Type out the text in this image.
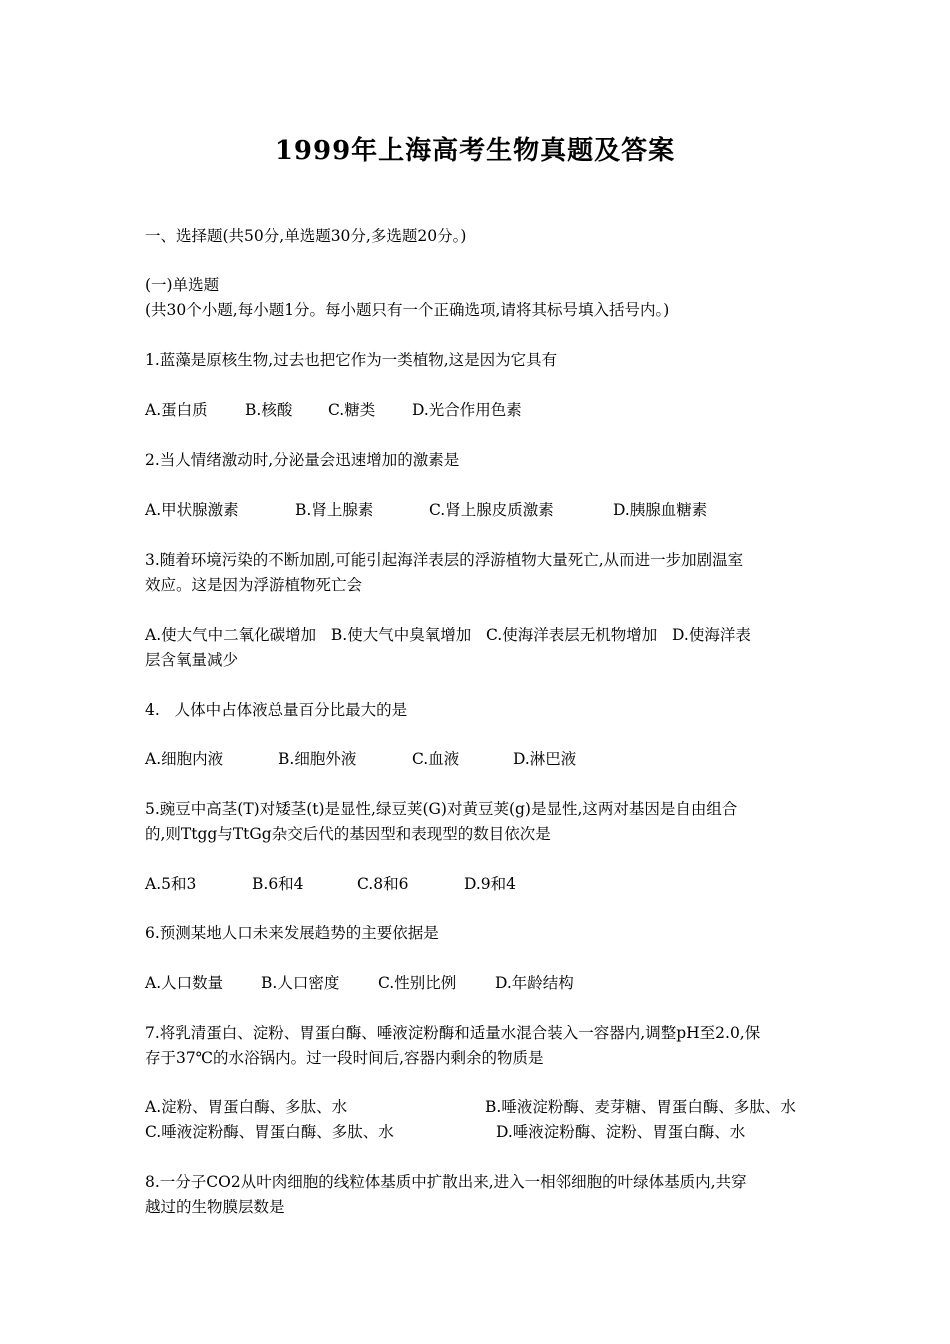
1999年上海高考生物真题及答案
一、选择题(共50分,单选题30分,多选题20分。)
(一)单选题
(共30个小题,每小题1分。每小题只有一个正确选项,请将其标号填入括号内。)
1.蓝藻是原核生物,过去也把它作为一类植物,这是因为它具有
A.蛋白质 B.核酸 C.糖类 D.光合作用色素
2.当人情绪激动时,分泌量会迅速增加的激素是
A.甲状腺激素	B.肾上腺素	C.肾上腺皮质激素	D.胰腺血糖素
3.随着环境污染的不断加剧,可能引起海洋表层的浮游植物大量死亡,从而进一步加剧温室
效应。这是因为浮游植物死亡会
A.使大气中二氧化碳增加   B.使大气中臭氧增加   C.使海洋表层无机物增加   D.使海洋表
层含氧量减少
4.   人体中占体液总量百分比最大的是
A.细胞内液	B.细胞外液	C.血液	D.淋巴液
5.豌豆中高茎(T)对矮茎(t)是显性,绿豆荚(G)对黄豆荚(g)是显性,这两对基因是自由组合
的,则Ttgg与TtGg杂交后代的基因型和表现型的数目依次是
A.5和3	B.6和4	C.8和6	D.9和4
6.预测某地人口未来发展趋势的主要依据是
A.人口数量 B.人口密度 C.性别比例	D.年龄结构
7.将乳清蛋白、淀粉、胃蛋白酶、唾液淀粉酶和适量水混合装入一容器内,调整pH至2.0,保
存于37℃的水浴锅内。过一段时间后,容器内剩余的物质是
A.淀粉、胃蛋白酶、多肽、水	B.唾液淀粉酶、麦芽糖、胃蛋白酶、多肽、水
C.唾液淀粉酶、胃蛋白酶、多肽、水	D.唾液淀粉酶、淀粉、胃蛋白酶、水
8.一分子CO2从叶肉细胞的线粒体基质中扩散出来,进入一相邻细胞的叶绿体基质内,共穿
越过的生物膜层数是
